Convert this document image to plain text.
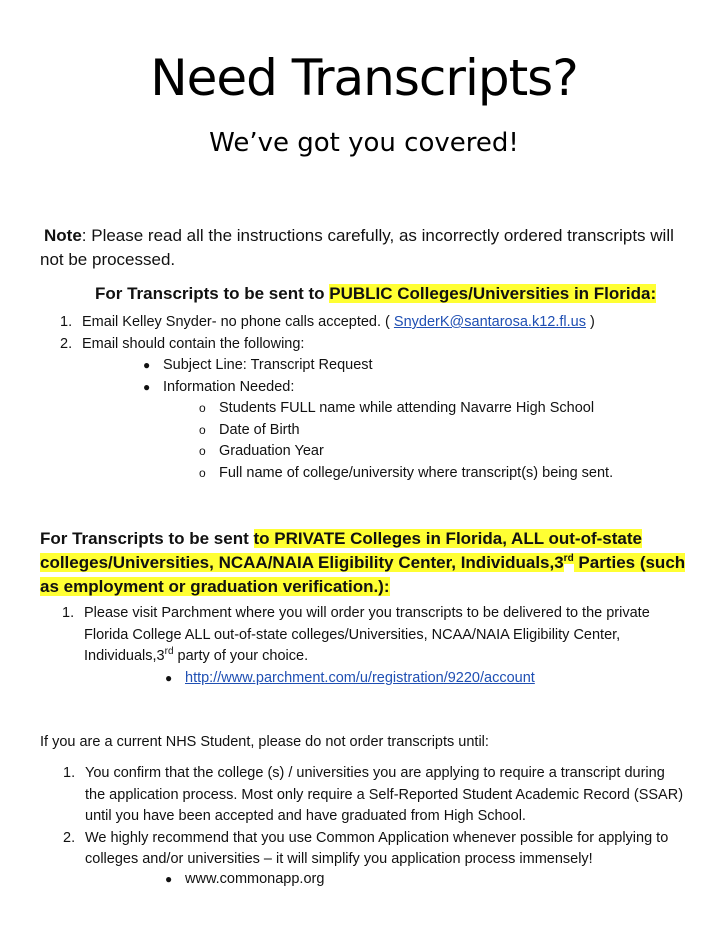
Need Transcripts?
We’ve got you covered!
Note: Please read all the instructions carefully, as incorrectly ordered transcripts will not be processed.
For Transcripts to be sent to PUBLIC Colleges/Universities in Florida:
1. Email Kelley Snyder- no phone calls accepted. ( SnyderK@santarosa.k12.fl.us )
2. Email should contain the following:
● Subject Line: Transcript Request
● Information Needed:
o Students FULL name while attending Navarre High School
o Date of Birth
o Graduation Year
o Full name of college/university where transcript(s) being sent.
For Transcripts to be sent to PRIVATE Colleges in Florida, ALL out-of-state colleges/Universities, NCAA/NAIA Eligibility Center, Individuals,3rd Parties (such as employment or graduation verification.):
1. Please visit Parchment where you will order you transcripts to be delivered to the private Florida College ALL out-of-state colleges/Universities, NCAA/NAIA Eligibility Center, Individuals,3rd party of your choice.
● http://www.parchment.com/u/registration/9220/account
If you are a current NHS Student, please do not order transcripts until:
1. You confirm that the college (s) / universities you are applying to require a transcript during the application process. Most only require a Self-Reported Student Academic Record (SSAR) until you have been accepted and have graduated from High School.
2. We highly recommend that you use Common Application whenever possible for applying to colleges and/or universities – it will simplify you application process immensely!
● www.commonapp.org
